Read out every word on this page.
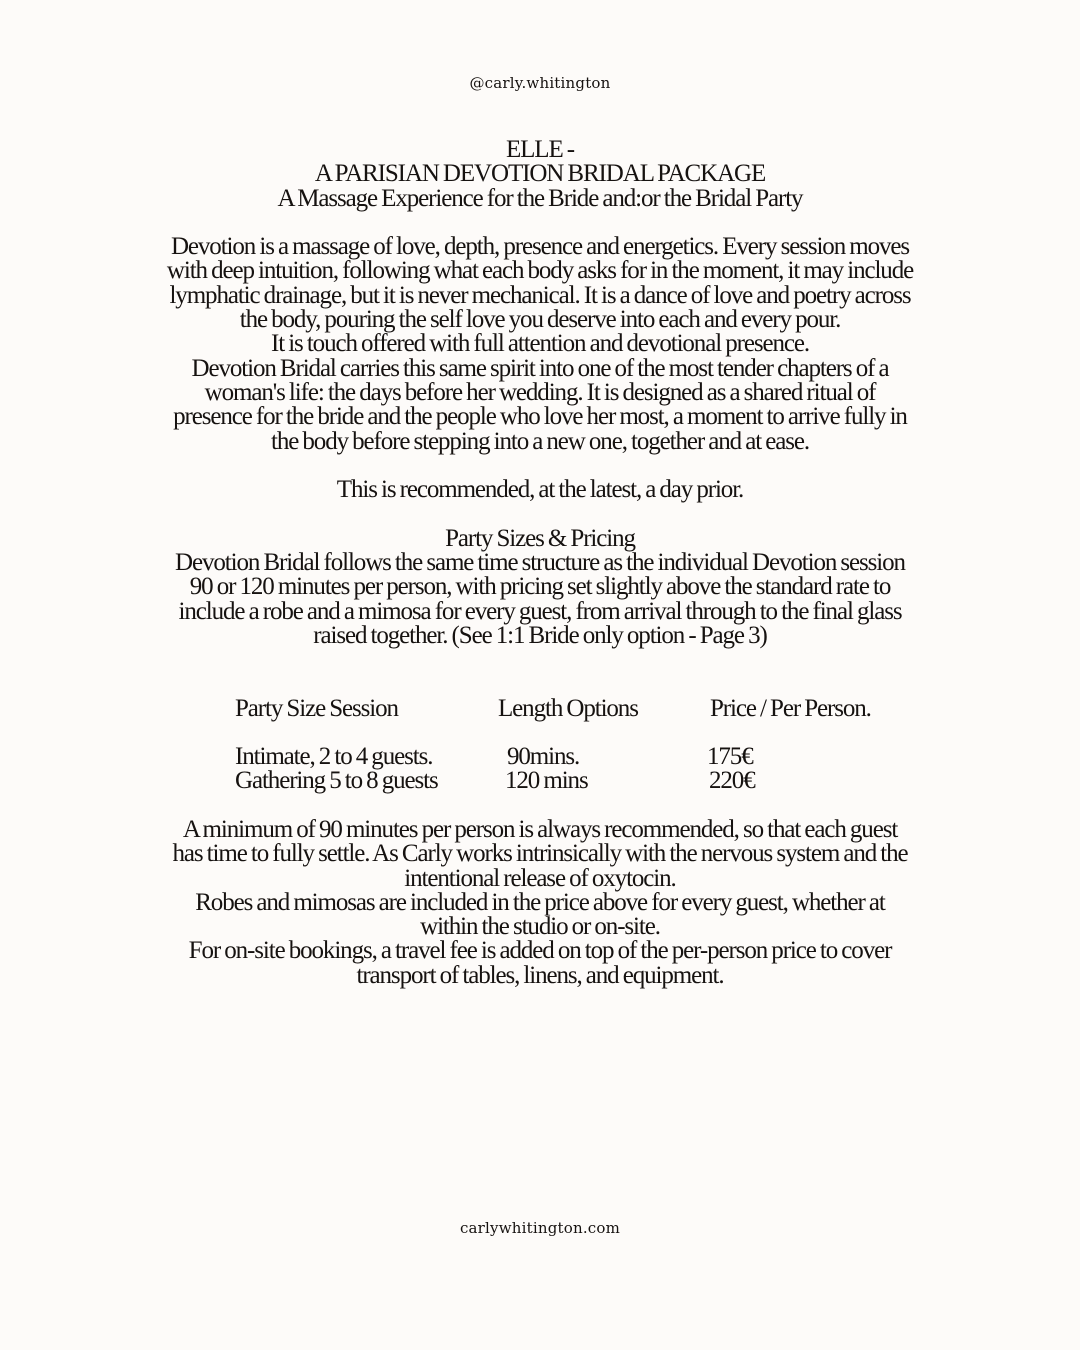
@carly.whitington

ELLE -

A PARISIAN DEVOTION BRIDAL PACKAGE

A Massage Experience for the Bride and:or the Bridal Party

Devotion is a massage of love, depth, presence and energetics. Every session moves

with deep intuition, following what each body asks for in the moment, it may include

lymphatic drainage, but it is never mechanical. It is a dance of love and poetry across

the body, pouring the self love you deserve into each and every pour.

It is touch offered with full attention and devotional presence.

Devotion Bridal carries this same spirit into one of the most tender chapters of a

woman's life: the days before her wedding. It is designed as a shared ritual of

presence for the bride and the people who love her most, a moment to arrive fully in

the body before stepping into a new one, together and at ease.

This is recommended, at the latest, a day prior.

Party Sizes & Pricing

Devotion Bridal follows the same time structure as the individual Devotion session

90 or 120 minutes per person, with pricing set slightly above the standard rate to

include a robe and a mimosa for every guest, from arrival through to the final glass

raised together. (See 1:1 Bride only option - Page 3)

Party Size Session	Length Options	Price / Per Person.
Intimate, 2 to 4 guests.	90mins.	175€
Gathering 5 to 8 guests	120 mins	220€

A minimum of 90 minutes per person is always recommended, so that each guest

has time to fully settle. As Carly works intrinsically with the nervous system and the

intentional release of oxytocin.

Robes and mimosas are included in the price above for every guest, whether at

within the studio or on-site.

For on-site bookings, a travel fee is added on top of the per-person price to cover

transport of tables, linens, and equipment.

carlywhitington.com
